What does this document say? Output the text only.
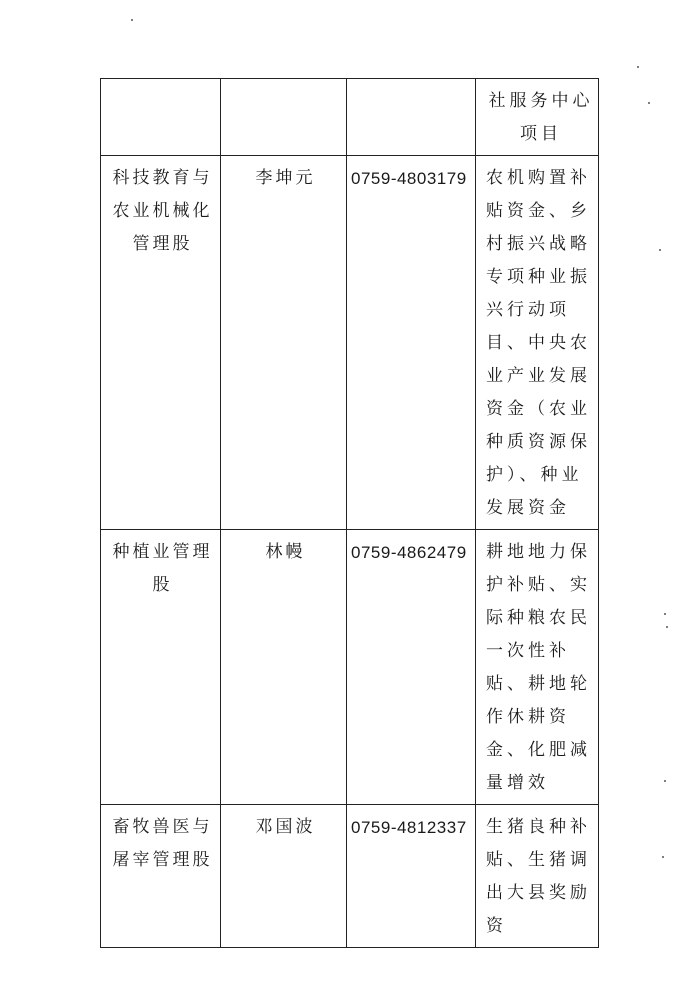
			社服务中心项目

科技教育与农业机械化管理股	李坤元	0759-4803179	农机购置补贴资金、乡村振兴战略专项种业振兴行动项目、中央农业产业发展资金（农业种质资源保护）、种业发展资金

种植业管理股	林幔	0759-4862479	耕地地力保护补贴、实际种粮农民一次性补贴、耕地轮作休耕资金、化肥减量增效

畜牧兽医与屠宰管理股	邓国波	0759-4812337	生猪良种补贴、生猪调出大县奖励资
